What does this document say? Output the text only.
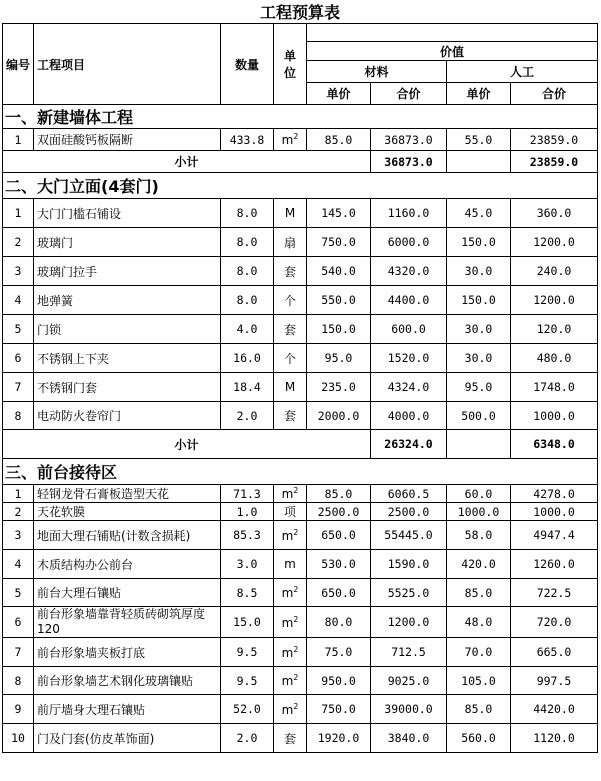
工程预算表							
编号	工程项目	数量	单
位				
				价值			
				材料		人工	
				单价	合价	单价	合价
一、新建墙体工程							
1	双面硅酸钙板隔断	433.8	$m^2$	85.0	36873.0	55.0	23859.0
小计					36873.0		23859.0
二、大门立面(4套门)							
1	大门门槛石铺设	8.0	M	145.0	1160.0	45.0	360.0
2	玻璃门	8.0	扇	750.0	6000.0	150.0	1200.0
3	玻璃门拉手	8.0	套	540.0	4320.0	30.0	240.0
4	地弹簧	8.0	个	550.0	4400.0	150.0	1200.0
5	门锁	4.0	套	150.0	600.0	30.0	120.0
6	不锈钢上下夹	16.0	个	95.0	1520.0	30.0	480.0
7	不锈钢门套	18.4	M	235.0	4324.0	95.0	1748.0
8	电动防火卷帘门	2.0	套	2000.0	4000.0	500.0	1000.0
小计					26324.0		6348.0
三、前台接待区							
1	轻钢龙骨石膏板造型天花	71.3	$m^2$	85.0	6060.5	60.0	4278.0
2	天花软膜	1.0	项	2500.0	2500.0	1000.0	1000.0
3	地面大理石铺贴(计数含损耗)	85.3	$m^2$	650.0	55445.0	58.0	4947.4
4	木质结构办公前台	3.0	m	530.0	1590.0	420.0	1260.0
5	前台大理石镶贴	8.5	$m^2$	650.0	5525.0	85.0	722.5
6	前台形象墙靠背轻质砖砌筑厚度120	15.0	$m^2$	80.0	1200.0	48.0	720.0
7	前台形象墙夹板打底	9.5	$m^2$	75.0	712.5	70.0	665.0
8	前台形象墙艺术钢化玻璃镶贴	9.5	$m^2$	950.0	9025.0	105.0	997.5
9	前厅墙身大理石镶贴	52.0	$m^2$	750.0	39000.0	85.0	4420.0
10	门及门套(仿皮革饰面)	2.0	套	1920.0	3840.0	560.0	1120.0
